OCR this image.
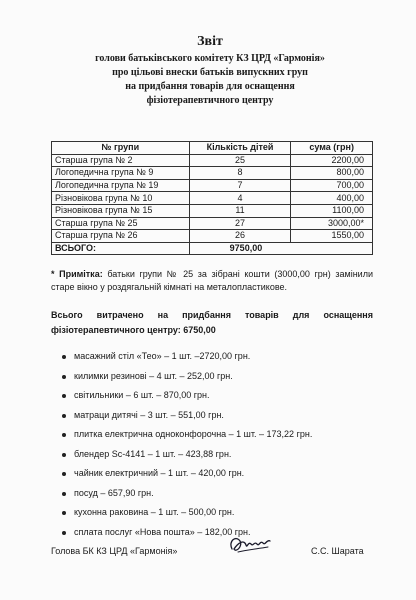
Звіт
голови батьківського комітету КЗ ЦРД «Гармонія»
про цільові внески батьків випускних груп
на придбання товарів для оснащення
фізіотерапевтичного центру
№ групи	Кількість дітей	сума (грн)
Старша група № 2	25	2200,00
Логопедична група № 9	8	800,00
Логопедична група № 19	7	700,00
Різновікова група № 10	4	400,00
Різновікова група № 15	11	1100,00
Старша група № 25	27	3000,00*
Старша група № 26	26	1550,00
ВСЬОГО:	9750,00	
* Примітка: батьки групи № 25 за зібрані кошти (3000,00 грн) замінили старе вікно у роздягальній кімнаті на металопластикове.
Всього витрачено на придбання товарів для оснащення
фізіотерапевтичного центру: 6750,00
масажний стіл «Тео» – 1 шт. –2720,00 грн.
килимки резинові – 4 шт. – 252,00 грн.
світильники – 6 шт. – 870,00 грн.
матраци дитячі – 3 шт. – 551,00 грн.
плитка електрична одноконфорочна – 1 шт. – 173,22 грн.
блендер Sc-4141 – 1 шт. – 423,88 грн.
чайник електричний – 1 шт. – 420,00 грн.
посуд – 657,90 грн.
кухонна раковина – 1 шт. – 500,00 грн.
сплата послуг «Нова пошта» – 182,00 грн.
Голова БК КЗ ЦРД «Гармонія»	С.С. Шарата
